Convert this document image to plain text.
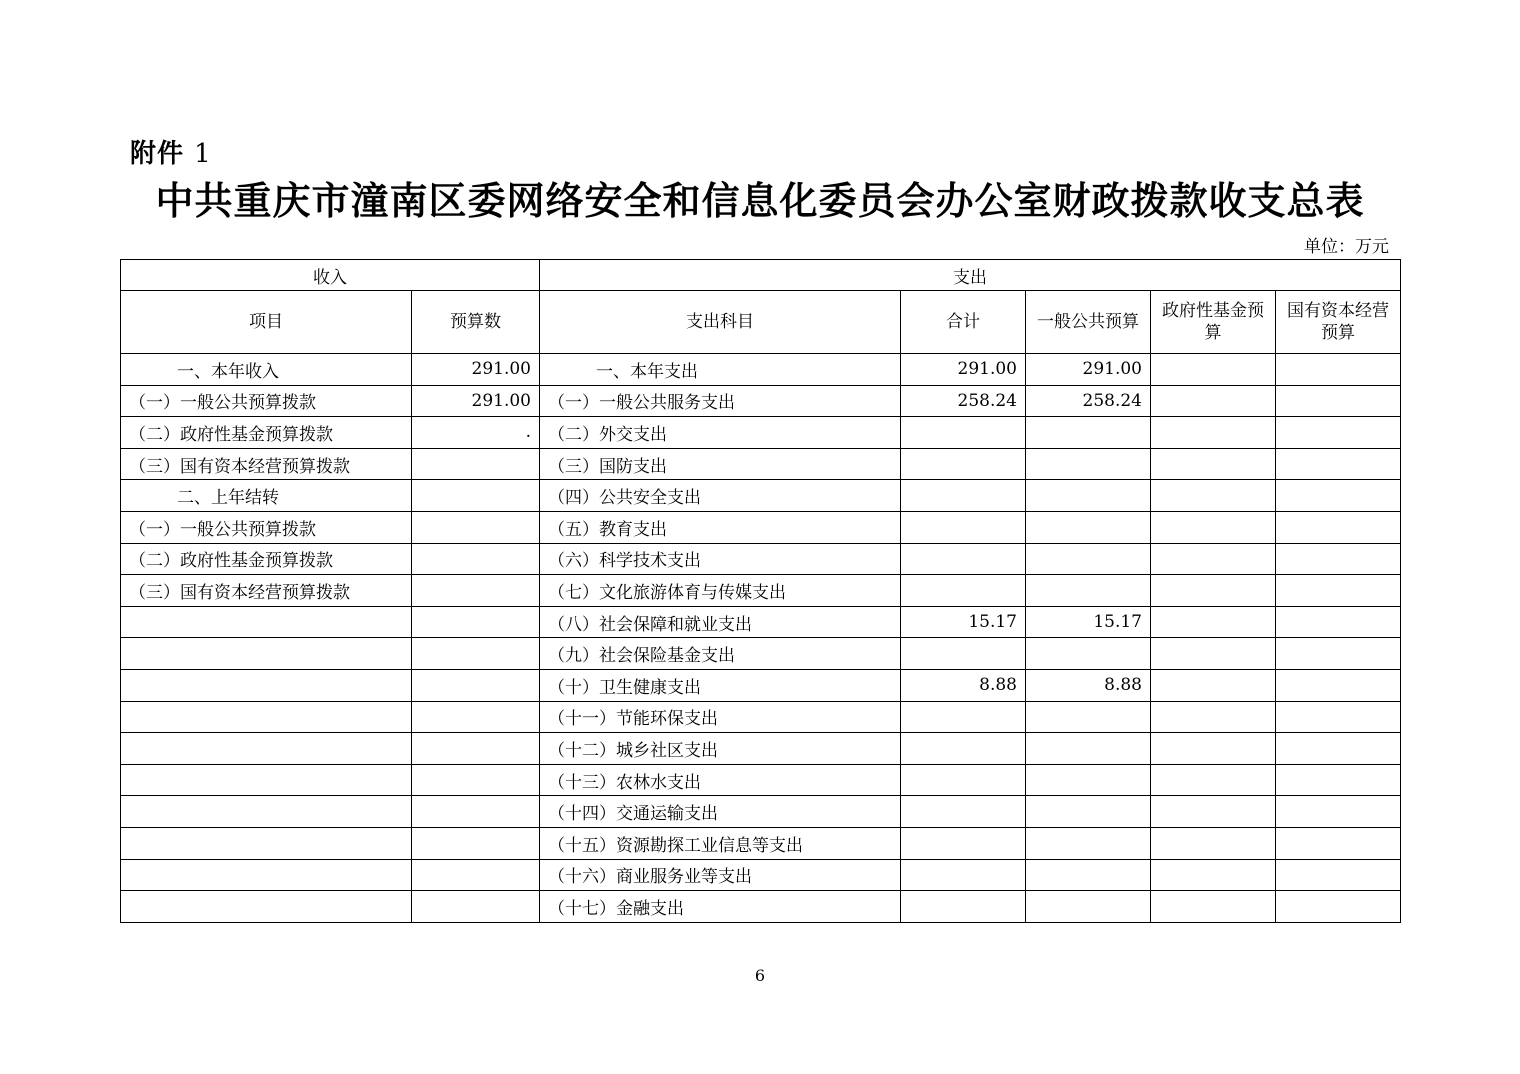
附件 1
中共重庆市潼南区委网络安全和信息化委员会办公室财政拨款收支总表
单位：万元
收入		支出				
项目	预算数	支出科目	合计	一般公共预算	政府性基金预算	国有资本经营预算
一、本年收入	291.00	一、本年支出	291.00	291.00		
（一）一般公共预算拨款	291.00	（一）一般公共服务支出	258.24	258.24		
（二）政府性基金预算拨款	.	（二）外交支出				
（三）国有资本经营预算拨款		（三）国防支出				
二、上年结转		（四）公共安全支出				
（一）一般公共预算拨款		（五）教育支出				
（二）政府性基金预算拨款		（六）科学技术支出				
（三）国有资本经营预算拨款		（七）文化旅游体育与传媒支出				
		（八）社会保障和就业支出	15.17	15.17		
		（九）社会保险基金支出				
		（十）卫生健康支出	8.88	8.88		
		（十一）节能环保支出				
		（十二）城乡社区支出				
		（十三）农林水支出				
		（十四）交通运输支出				
		（十五）资源勘探工业信息等支出				
		（十六）商业服务业等支出				
		（十七）金融支出				
6
